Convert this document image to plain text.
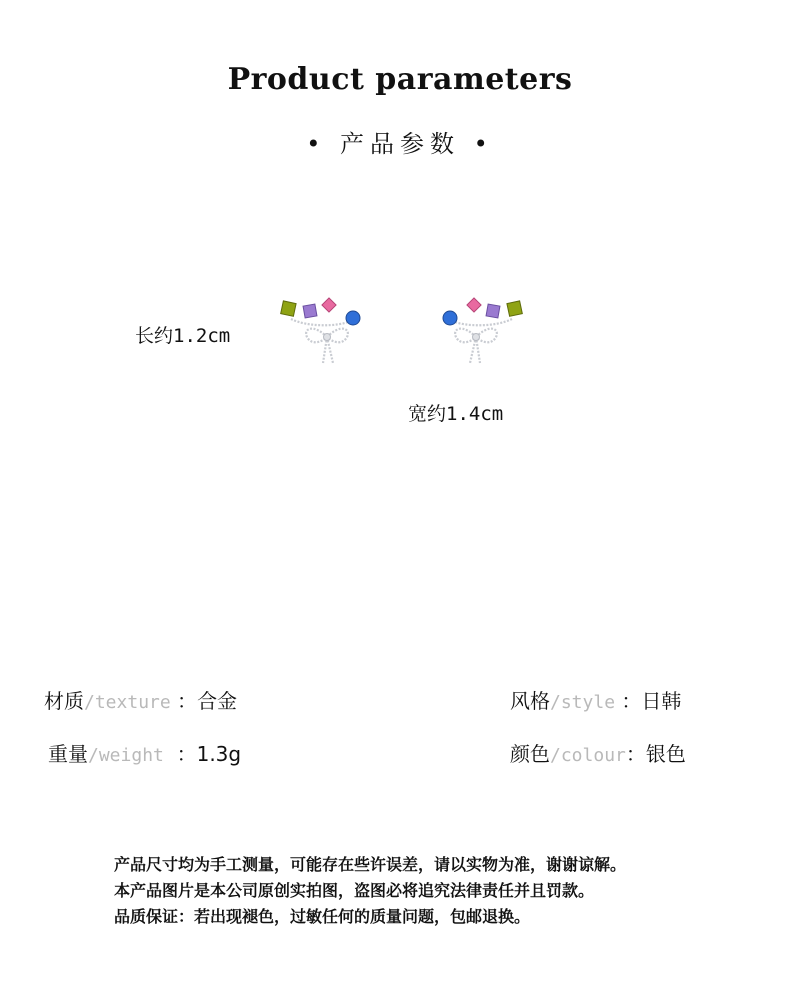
Product parameters
• 产品参数 •
长约1.2cm
宽约1.4cm
材质/texture ：合金	风格/style ：日韩
重量/weight  ：1.3g	颜色/colour：银色
产品尺寸均为手工测量，可能存在些许误差，请以实物为准，谢谢谅解。
本产品图片是本公司原创实拍图，盗图必将追究法律责任并且罚款。
品质保证：若出现褪色，过敏任何的质量问题，包邮退换。
